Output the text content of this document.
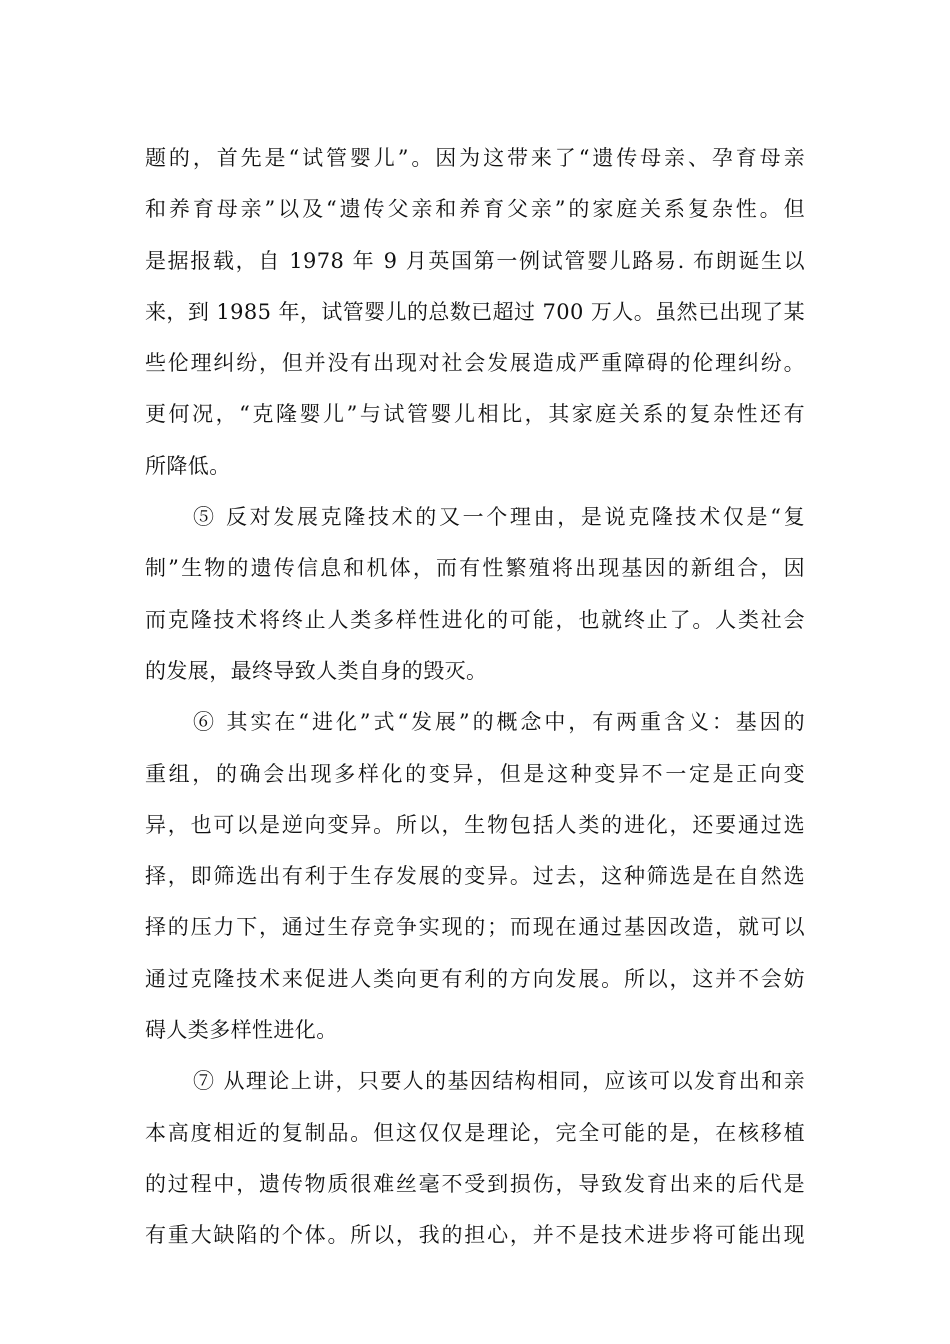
题的，首先是“试管婴儿”。因为这带来了“遗传母亲、孕育母亲
和养育母亲”以及“遗传父亲和养育父亲”的家庭关系复杂性。但
是据报载，自 1978 年 9 月英国第一例试管婴儿路易. 布朗诞生以
来，到 1985 年，试管婴儿的总数已超过 700 万人。虽然已出现了某
些伦理纠纷，但并没有出现对社会发展造成严重障碍的伦理纠纷。
更何况，“克隆婴儿”与试管婴儿相比，其家庭关系的复杂性还有
所降低。
⑤ 反对发展克隆技术的又一个理由，是说克隆技术仅是“复
制”生物的遗传信息和机体，而有性繁殖将出现基因的新组合，因
而克隆技术将终止人类多样性进化的可能，也就终止了。人类社会
的发展，最终导致人类自身的毁灭。
⑥ 其实在“进化”式“发展”的概念中，有两重含义：基因的
重组，的确会出现多样化的变异，但是这种变异不一定是正向变
异，也可以是逆向变异。所以，生物包括人类的进化，还要通过选
择，即筛选出有利于生存发展的变异。过去，这种筛选是在自然选
择的压力下，通过生存竞争实现的；而现在通过基因改造，就可以
通过克隆技术来促进人类向更有利的方向发展。所以，这并不会妨
碍人类多样性进化。
⑦ 从理论上讲，只要人的基因结构相同，应该可以发育出和亲
本高度相近的复制品。但这仅仅是理论，完全可能的是，在核移植
的过程中，遗传物质很难丝毫不受到损伤，导致发育出来的后代是
有重大缺陷的个体。所以，我的担心，并不是技术进步将可能出现
